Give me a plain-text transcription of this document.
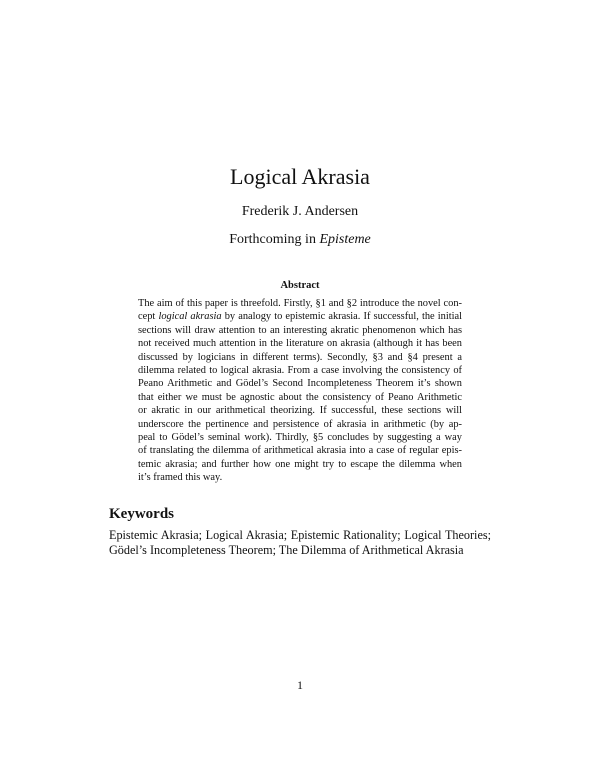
Logical Akrasia
Frederik J. Andersen
Forthcoming in Episteme
Abstract
The aim of this paper is threefold. Firstly, §1 and §2 introduce the novel con-
cept logical akrasia by analogy to epistemic akrasia. If successful, the initial
sections will draw attention to an interesting akratic phenomenon which has
not received much attention in the literature on akrasia (although it has been
discussed by logicians in different terms). Secondly, §3 and §4 present a
dilemma related to logical akrasia. From a case involving the consistency of
Peano Arithmetic and Gödel’s Second Incompleteness Theorem it’s shown
that either we must be agnostic about the consistency of Peano Arithmetic
or akratic in our arithmetical theorizing. If successful, these sections will
underscore the pertinence and persistence of akrasia in arithmetic (by ap-
peal to Gödel’s seminal work). Thirdly, §5 concludes by suggesting a way
of translating the dilemma of arithmetical akrasia into a case of regular epis-
temic akrasia; and further how one might try to escape the dilemma when
it’s framed this way.
Keywords
Epistemic Akrasia; Logical Akrasia; Epistemic Rationality; Logical Theories;
Gödel’s Incompleteness Theorem; The Dilemma of Arithmetical Akrasia
1
